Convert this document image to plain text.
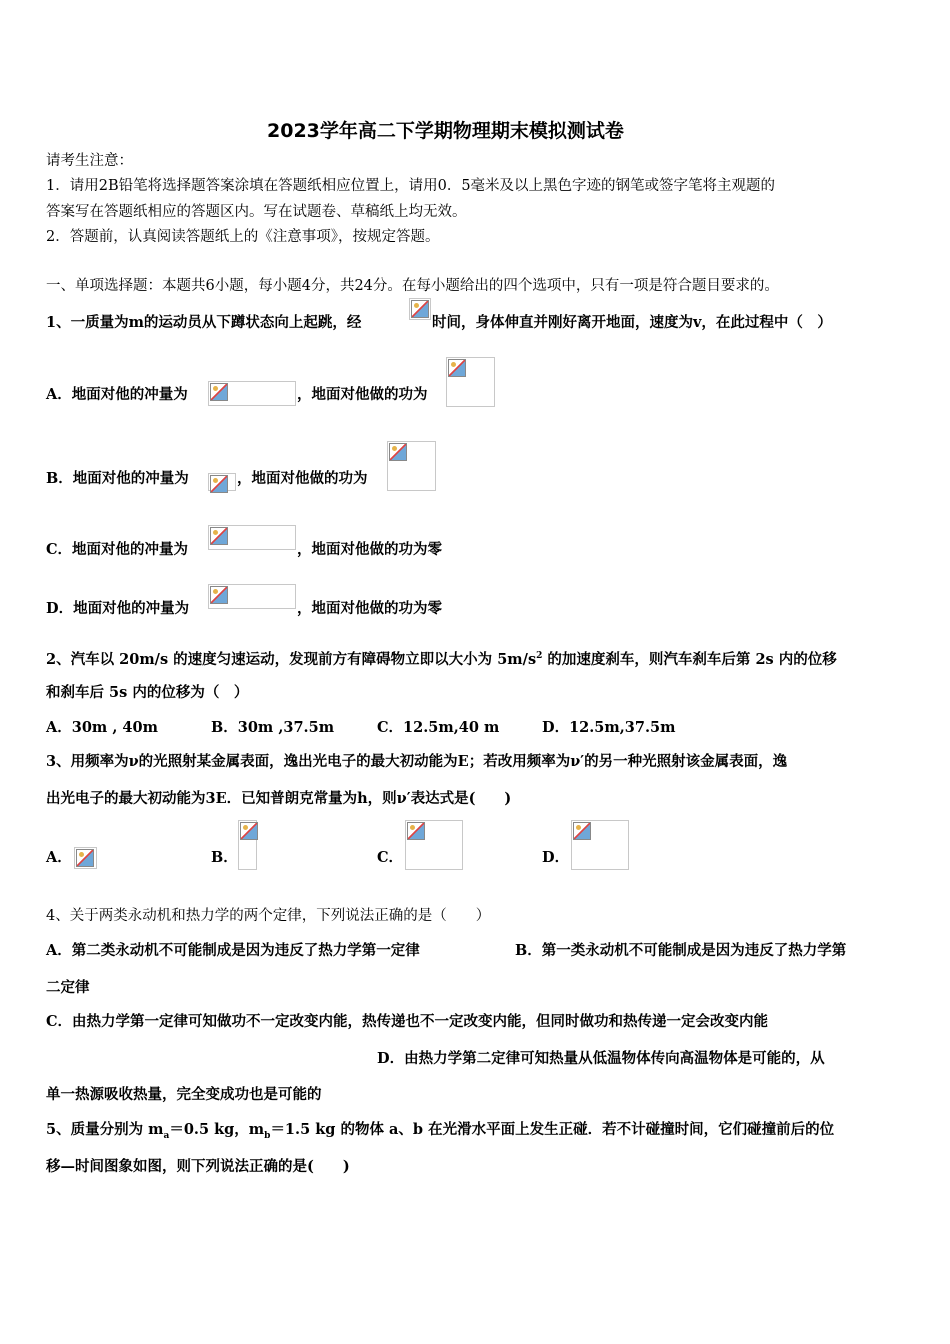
2023学年高二下学期物理期末模拟测试卷
请考生注意：
1．请用2B铅笔将选择题答案涂填在答题纸相应位置上，请用0．5毫米及以上黑色字迹的钢笔或签字笔将主观题的
答案写在答题纸相应的答题区内。写在试题卷、草稿纸上均无效。
2．答题前，认真阅读答题纸上的《注意事项》，按规定答题。
一、单项选择题：本题共6小题，每小题4分，共24分。在每小题给出的四个选项中，只有一项是符合题目要求的。
1、一质量为m的运动员从下蹲状态向上起跳，经	时间，身体伸直并刚好离开地面，速度为v，在此过程中（　）
A．地面对他的冲量为	，地面对他做的功为
B．地面对他的冲量为	，地面对他做的功为
C．地面对他的冲量为	，地面对他做的功为零
D．地面对他的冲量为	，地面对他做的功为零
2、汽车以 20m/s 的速度匀速运动，发现前方有障碍物立即以大小为 $5m/s^2$ 的加速度刹车，则汽车刹车后第 2s 内的位移
和刹车后 5s 内的位移为（　）
A．30m , 40m	B．30m ,37.5m	C．12.5m,40 m	D．12.5m,37.5m
3、用频率为ν的光照射某金属表面，逸出光电子的最大初动能为E；若改用频率为ν′的另一种光照射该金属表面，逸
出光电子的最大初动能为3E．已知普朗克常量为h，则ν′表达式是(　　)
A．	B．	C．	D．
4、关于两类永动机和热力学的两个定律，下列说法正确的是（　　）
A．第二类永动机不可能制成是因为违反了热力学第一定律	B．第一类永动机不可能制成是因为违反了热力学第
二定律
C．由热力学第一定律可知做功不一定改变内能，热传递也不一定改变内能，但同时做功和热传递一定会改变内能
D．由热力学第二定律可知热量从低温物体传向高温物体是可能的，从
单一热源吸收热量，完全变成功也是可能的
5、质量分别为 $m_a=0.5$ kg，$m_b=1.5$ kg 的物体 a、b 在光滑水平面上发生正碰．若不计碰撞时间，它们碰撞前后的位
移—时间图象如图，则下列说法正确的是(　　)
